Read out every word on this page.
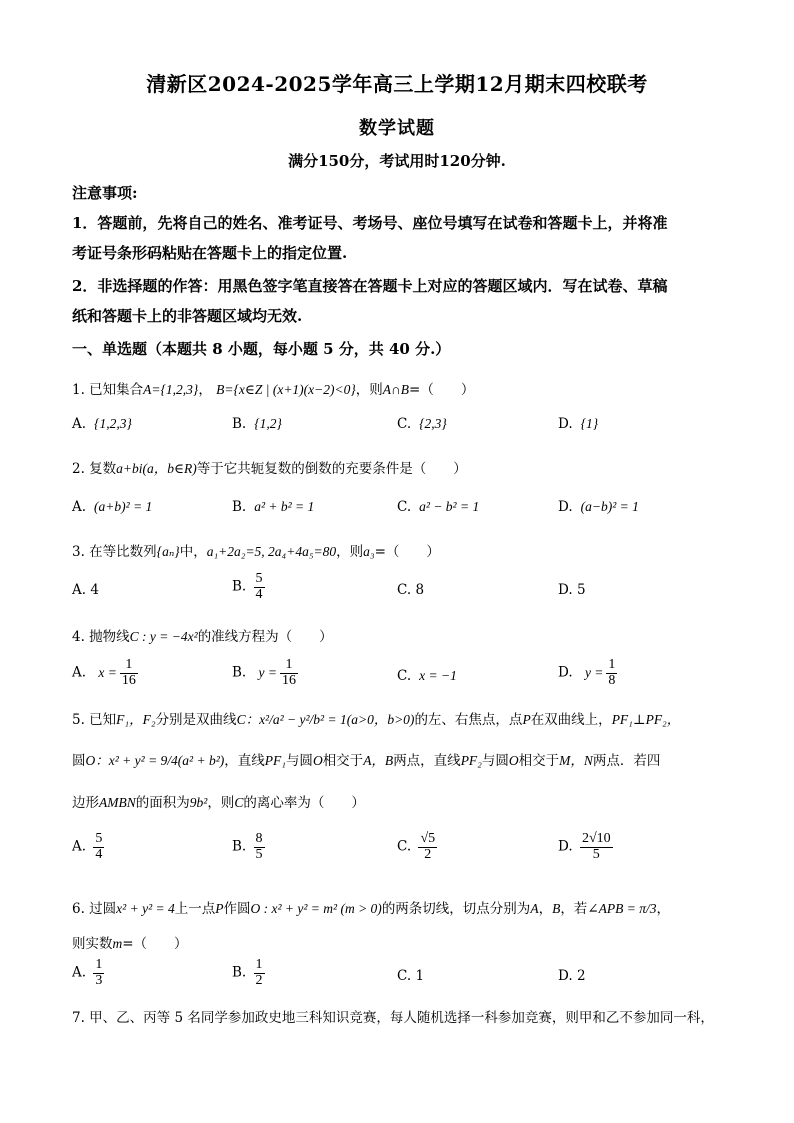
清新区2024-2025学年高三上学期12月期末四校联考
数学试题
满分150分，考试用时120分钟.
注意事项:
1．答题前，先将自己的姓名、准考证号、考场号、座位号填写在试卷和答题卡上，并将准
考证号条形码粘贴在答题卡上的指定位置.
2．非选择题的作答：用黑色签字笔直接答在答题卡上对应的答题区域内．写在试卷、草稿
纸和答题卡上的非答题区域均无效.
一、单选题（本题共 8 小题，每小题 5 分，共 40 分.）
1. 已知集合A={1,2,3}， B={x∈Z | (x+1)(x−2)<0}，则A∩B=（　　）
A. {1,2,3}	B. {1,2}	C. {2,3}	D. {1}
2. 复数a+bi(a，b∈R)等于它共轭复数的倒数的充要条件是（　　）
A. (a+b)² = 1	B. a² + b² = 1	C. a² − b² = 1	D. (a−b)² = 1
3. 在等比数列{aₙ}中，a₁+2a₂=5, 2a₄+4a₅=80，则a₃=（　　）
A. 4	B. $\frac{5}{4}$	C. 8	D. 5
4. 抛物线C : y = −4x²的准线方程为（　　）
A. $x = \frac{1}{16}$	B. $y = \frac{1}{16}$	C. x = −1	D. $y = \frac{1}{8}$
5. 已知F₁，F₂分别是双曲线C：x²/a² − y²/b² = 1(a>0，b>0)的左、右焦点，点P在双曲线上，PF₁⊥PF₂，
圆O：x² + y² = 9/4(a² + b²)，直线PF₁与圆O相交于A，B两点，直线PF₂与圆O相交于M，N两点．若四
边形AMBN的面积为9b²，则C的离心率为（　　）
A. $\frac{5}{4}$	B. $\frac{8}{5}$	C. $\frac{√5}{2}$	D. $\frac{2√10}{5}$
6. 过圆x² + y² = 4上一点P作圆O : x² + y² = m² (m > 0)的两条切线，切点分别为A，B，若∠APB = π/3，
则实数m=（　　）
A. $\frac{1}{3}$	B. $\frac{1}{2}$	C. 1	D. 2
7. 甲、乙、丙等 5 名同学参加政史地三科知识竞赛，每人随机选择一科参加竞赛，则甲和乙不参加同一科，
